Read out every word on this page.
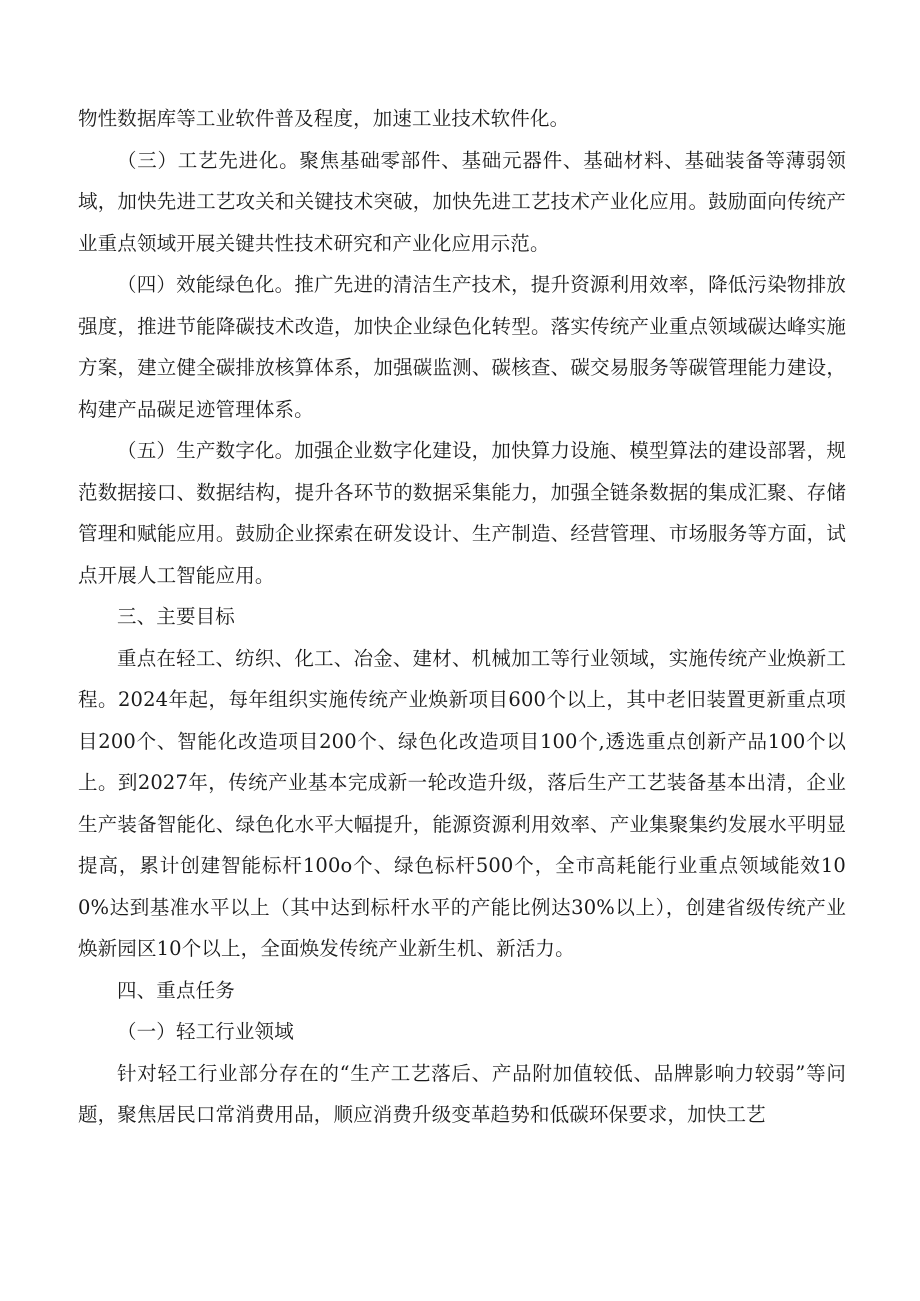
物性数据库等工业软件普及程度，加速工业技术软件化。

（三）工艺先进化。聚焦基础零部件、基础元器件、基础材料、基础装备等薄弱领域，加快先进工艺攻关和关键技术突破，加快先进工艺技术产业化应用。鼓励面向传统产业重点领域开展关键共性技术研究和产业化应用示范。

（四）效能绿色化。推广先进的清洁生产技术，提升资源利用效率，降低污染物排放强度，推进节能降碳技术改造，加快企业绿色化转型。落实传统产业重点领域碳达峰实施方案，建立健全碳排放核算体系，加强碳监测、碳核查、碳交易服务等碳管理能力建设，构建产品碳足迹管理体系。

（五）生产数字化。加强企业数字化建设，加快算力设施、模型算法的建设部署，规范数据接口、数据结构，提升各环节的数据采集能力，加强全链条数据的集成汇聚、存储管理和赋能应用。鼓励企业探索在研发设计、生产制造、经营管理、市场服务等方面，试点开展人工智能应用。

三、主要目标

重点在轻工、纺织、化工、冶金、建材、机械加工等行业领域，实施传统产业焕新工程。2024年起，每年组织实施传统产业焕新项目600个以上，其中老旧装置更新重点项目200个、智能化改造项目200个、绿色化改造项目100个,透选重点创新产品100个以上。到2027年，传统产业基本完成新一轮改造升级，落后生产工艺装备基本出清，企业生产装备智能化、绿色化水平大幅提升，能源资源利用效率、产业集聚集约发展水平明显提高，累计创建智能标杆100o个、绿色标杆500个，全市高耗能行业重点领域能效100%达到基准水平以上（其中达到标杆水平的产能比例达30%以上），创建省级传统产业焕新园区10个以上，全面焕发传统产业新生机、新活力。

四、重点任务

（一）轻工行业领域

针对轻工行业部分存在的“生产工艺落后、产品附加值较低、品牌影响力较弱”等问题，聚焦居民口常消费用品，顺应消费升级变革趋势和低碳环保要求，加快工艺
